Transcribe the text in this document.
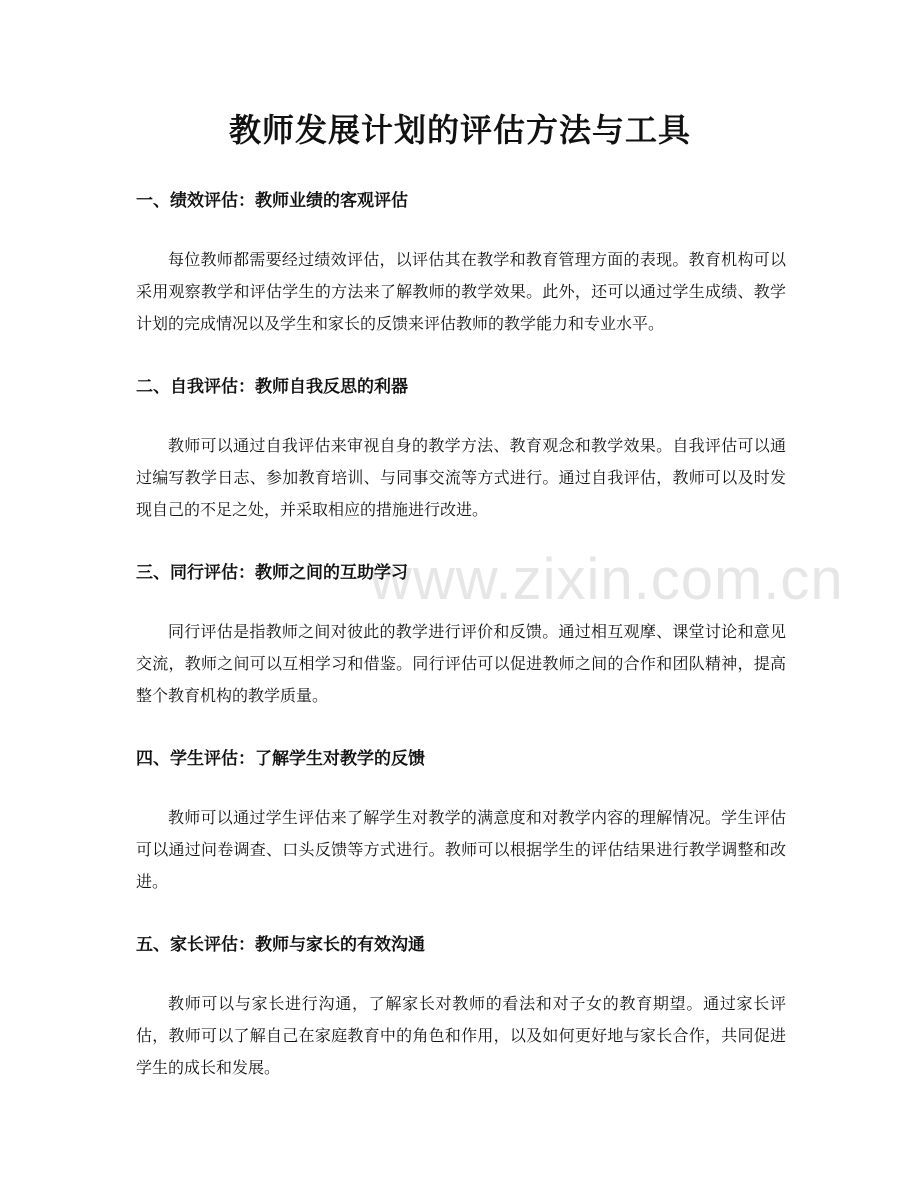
教师发展计划的评估方法与工具
www.zixin.com.cn
一、绩效评估：教师业绩的客观评估

每位教师都需要经过绩效评估，以评估其在教学和教育管理方面的表现。教育机构可以采用观察教学和评估学生的方法来了解教师的教学效果。此外，还可以通过学生成绩、教学计划的完成情况以及学生和家长的反馈来评估教师的教学能力和专业水平。

二、自我评估：教师自我反思的利器

教师可以通过自我评估来审视自身的教学方法、教育观念和教学效果。自我评估可以通过编写教学日志、参加教育培训、与同事交流等方式进行。通过自我评估，教师可以及时发现自己的不足之处，并采取相应的措施进行改进。

三、同行评估：教师之间的互助学习

同行评估是指教师之间对彼此的教学进行评价和反馈。通过相互观摩、课堂讨论和意见交流，教师之间可以互相学习和借鉴。同行评估可以促进教师之间的合作和团队精神，提高整个教育机构的教学质量。

四、学生评估：了解学生对教学的反馈

教师可以通过学生评估来了解学生对教学的满意度和对教学内容的理解情况。学生评估可以通过问卷调查、口头反馈等方式进行。教师可以根据学生的评估结果进行教学调整和改进。

五、家长评估：教师与家长的有效沟通

教师可以与家长进行沟通，了解家长对教师的看法和对子女的教育期望。通过家长评估，教师可以了解自己在家庭教育中的角色和作用，以及如何更好地与家长合作，共同促进学生的成长和发展。
